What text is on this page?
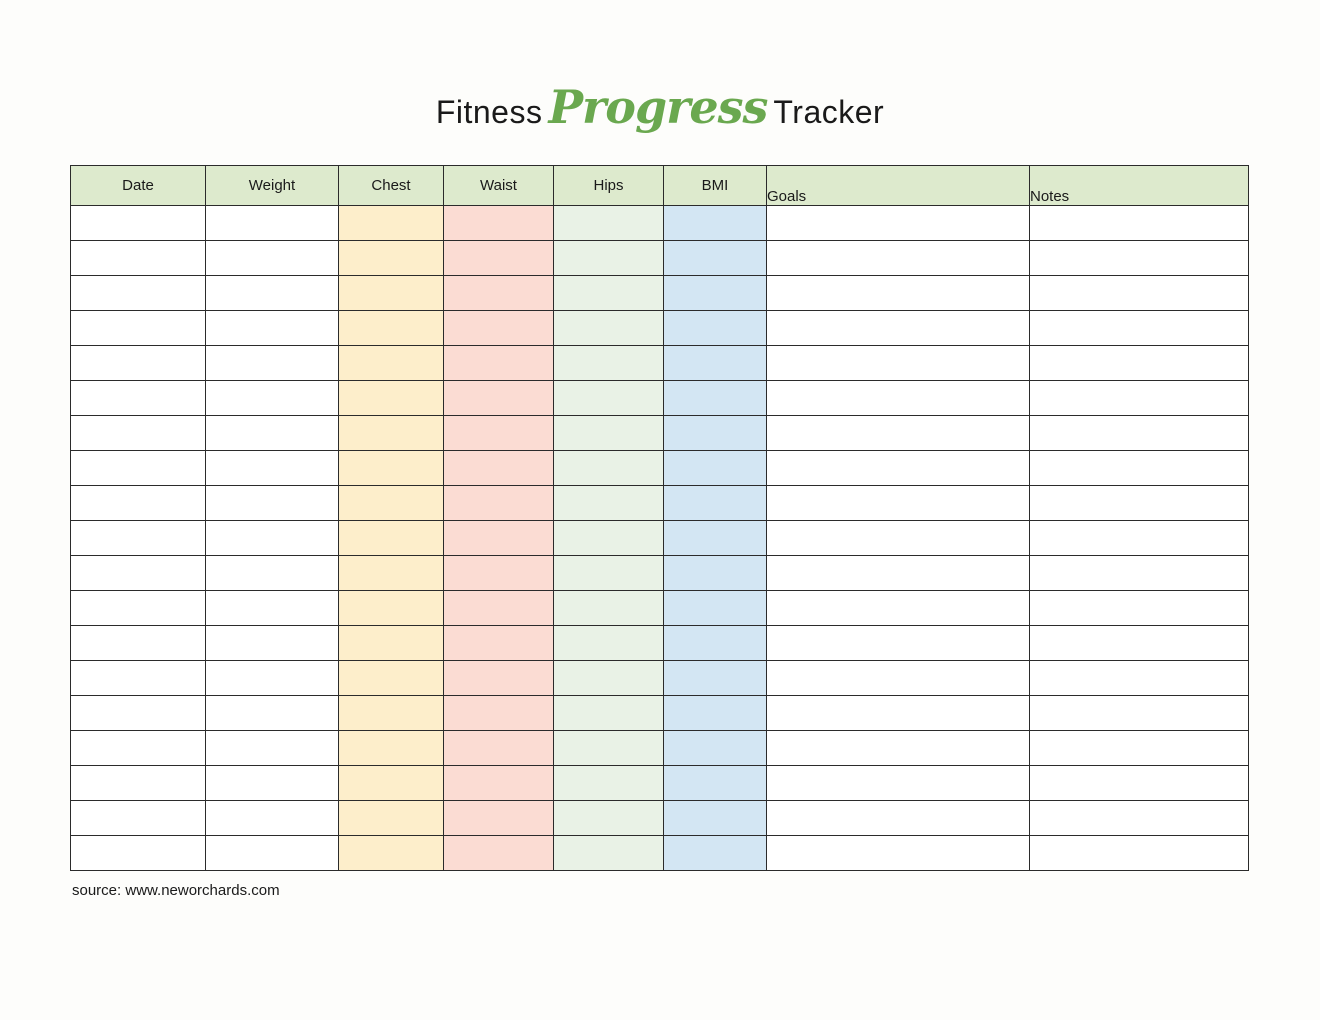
Fitness Progress Tracker
Date	Weight	Chest	Waist	Hips	BMI	Goals	Notes

source: www.neworchards.com
